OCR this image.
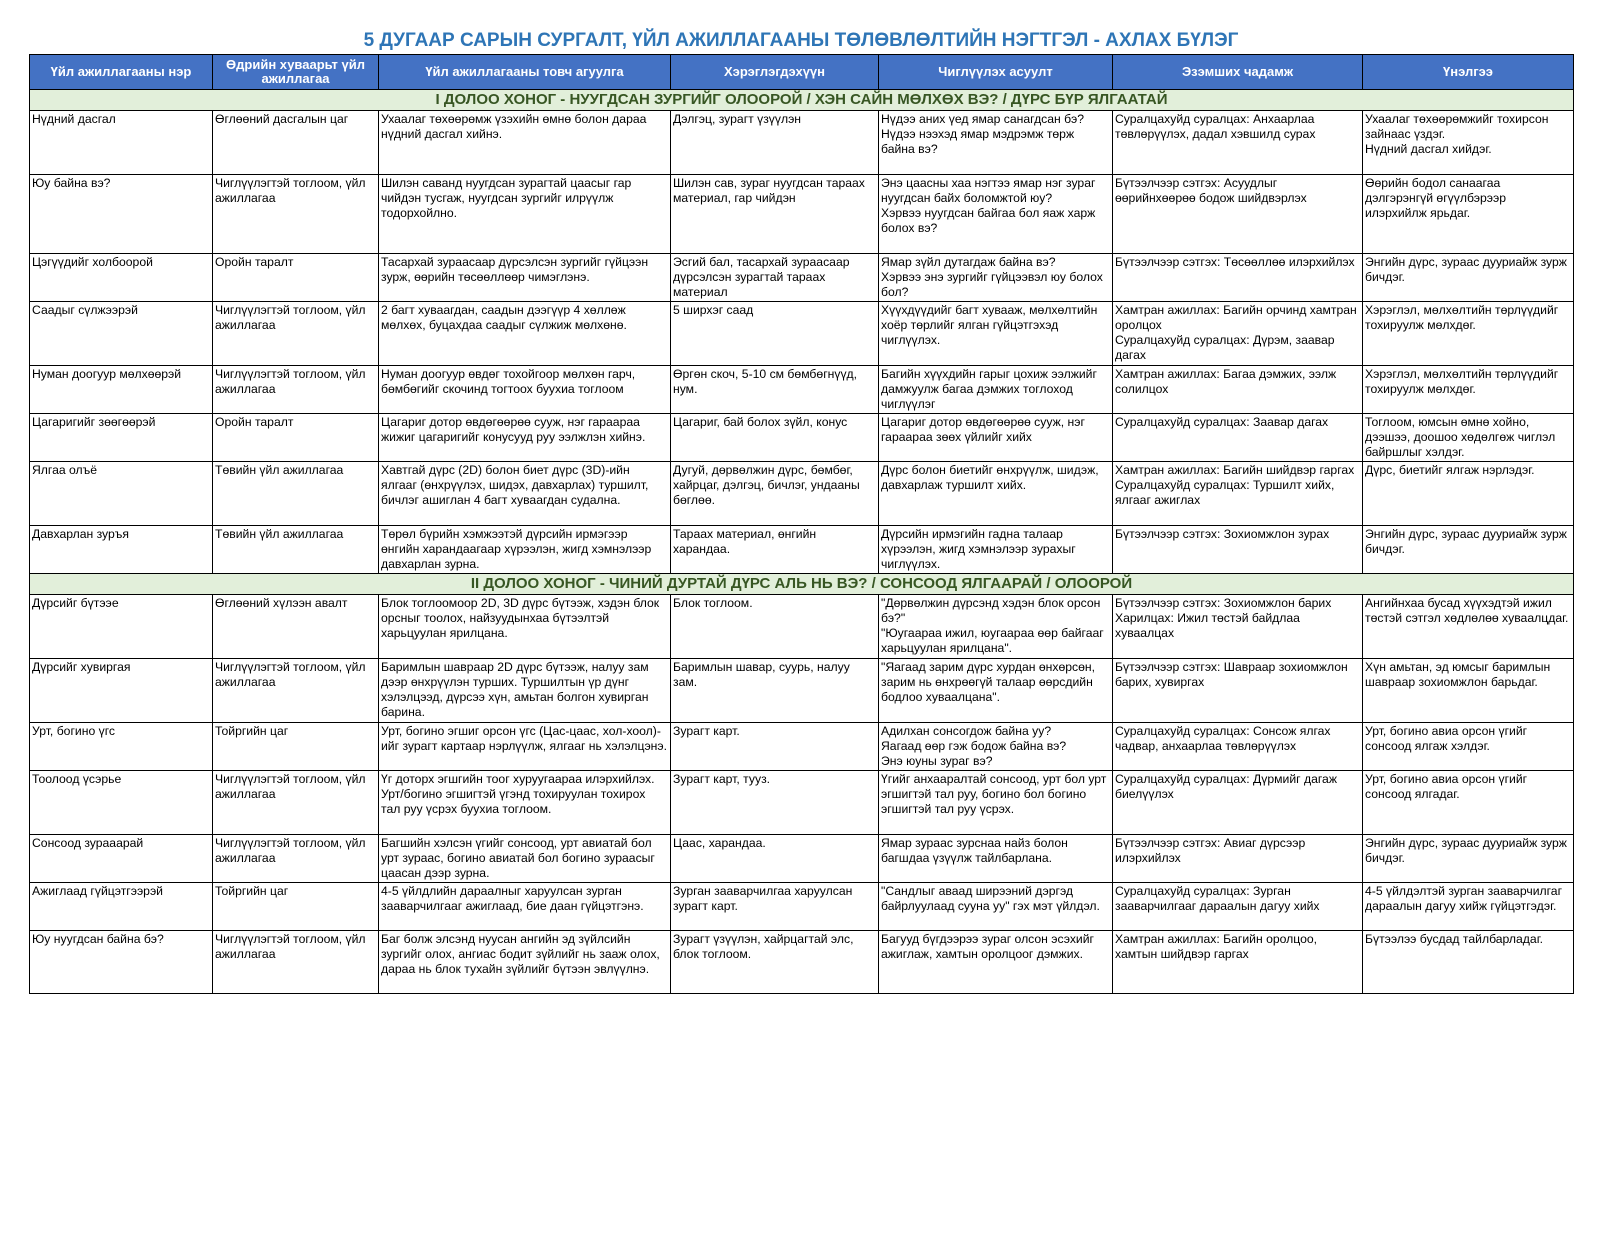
5 ДУГААР САРЫН СУРГАЛТ, ҮЙЛ АЖИЛЛАГААНЫ ТӨЛӨВЛӨЛТИЙН НЭГТГЭЛ - АХЛАХ БҮЛЭГ
Үйл ажиллагааны нэр	Өдрийн хуваарьт үйл ажиллагаа	Үйл ажиллагааны товч агуулга	Хэрэглэгдэхүүн	Чиглүүлэх асуулт	Эзэмших чадамж	Үнэлгээ
I ДОЛОО ХОНОГ - НУУГДСАН ЗУРГИЙГ ОЛООРОЙ / ХЭН САЙН МӨЛХӨХ ВЭ? / ДҮРС БҮР ЯЛГААТАЙ						

Нүдний дасгал	Өглөөний дасгалын цаг	Ухаалаг төхөөрөмж үзэхийн өмнө болон дараа нүдний дасгал хийнэ.	Дэлгэц, зурагт үзүүлэн	Нүдээ аних үед ямар санагдсан бэ?
Нүдээ нээхэд ямар мэдрэмж төрж байна вэ?	Суралцахуйд суралцах: Анхаарлаа төвлөрүүлэх, дадал хэвшилд сурах	Ухаалаг төхөөрөмжийг тохирсон зайнаас үздэг.
Нүдний дасгал хийдэг.

Юу байна вэ?	Чиглүүлэгтэй тоглоом, үйл ажиллагаа	Шилэн саванд нуугдсан зурагтай цаасыг гар чийдэн тусгаж, нуугдсан зургийг илрүүлж тодорхойлно.	Шилэн сав, зураг нуугдсан тараах материал, гар чийдэн	Энэ цаасны хаа нэгтээ ямар нэг зураг нуугдсан байх боломжтой юу?
Хэрвээ нуугдсан байгаа бол яаж харж болох вэ?	Бүтээлчээр сэтгэх: Асуудлыг өөрийнхөөрөө бодож шийдвэрлэх	Өөрийн бодол санаагаа дэлгэрэнгүй өгүүлбэрээр илэрхийлж ярьдаг.

Цэгүүдийг холбоорой	Оройн таралт	Тасархай зураасаар дүрсэлсэн зургийг гүйцээн зурж, өөрийн төсөөллөөр чимэглэнэ.	Эсгий бал, тасархай зураасаар дүрсэлсэн зурагтай тараах материал	Ямар зүйл дутагдаж байна вэ?
Хэрвээ энэ зургийг гүйцээвэл юу болох бол?	Бүтээлчээр сэтгэх: Төсөөллөө илэрхийлэх	Энгийн дүрс, зураас дууриайж зурж бичдэг.

Саадыг сүлжээрэй	Чиглүүлэгтэй тоглоом, үйл ажиллагаа	2 багт хуваагдан, саадын дээгүүр 4 хөллөж мөлхөх, буцахдаа саадыг сүлжиж мөлхөнө.	5 ширхэг саад	Хүүхдүүдийг багт хувааж, мөлхөлтийн хоёр төрлийг ялган гүйцэтгэхэд чиглүүлэх.	Хамтран ажиллах: Багийн орчинд хамтран оролцох
Суралцахуйд суралцах: Дүрэм, заавар дагах	Хэрэглэл, мөлхөлтийн төрлүүдийг тохируулж мөлхдөг.

Нуман доогуур мөлхөөрэй	Чиглүүлэгтэй тоглоом, үйл ажиллагаа	Нуман доогуур өвдөг тохойгоор мөлхөн гарч, бөмбөгийг скочинд тогтоох буухиа тоглоом	Өргөн скоч, 5-10 см бөмбөгнүүд, нум.	Багийн хүүхдийн гарыг цохиж ээлжийг дамжуулж багаа дэмжих тоглоход чиглүүлэг	Хамтран ажиллах: Багаа дэмжих, ээлж солилцох	Хэрэглэл, мөлхөлтийн төрлүүдийг тохируулж мөлхдөг.

Цагаригийг зөөгөөрэй	Оройн таралт	Цагариг дотор өвдөгөөрөө сууж, нэг гараараа жижиг цагаригийг конусууд руу ээлжлэн хийнэ.	Цагариг, бай болох зүйл, конус	Цагариг дотор өвдөгөөрөө сууж, нэг гараараа зөөх үйлийг хийх	Суралцахуйд суралцах: Заавар дагах	Тоглоом, юмсын өмнө хойно, дээшээ, доошоо хөдөлгөж чиглэл байршлыг хэлдэг.

Ялгаа олъё	Төвийн үйл ажиллагаа	Хавтгай дүрс (2D) болон биет дүрс (3D)-ийн ялгааг (өнхрүүлэх, шидэх, давхарлах) туршилт, бичлэг ашиглан 4 багт хуваагдан судална.	Дугуй, дөрвөлжин дүрс, бөмбөг, хайрцаг, дэлгэц, бичлэг, ундааны бөглөө.	Дүрс болон биетийг өнхрүүлж, шидэж, давхарлаж туршилт хийх.	Хамтран ажиллах: Багийн шийдвэр гаргах
Суралцахуйд суралцах: Туршилт хийх, ялгааг ажиглах	Дүрс, биетийг ялгаж нэрлэдэг.

Давхарлан зуръя	Төвийн үйл ажиллагаа	Төрөл бүрийн хэмжээтэй дүрсийн ирмэгээр өнгийн харандаагаар хүрээлэн, жигд хэмнэлээр давхарлан зурна.	Тараах материал, өнгийн харандаа.	Дүрсийн ирмэгийн гадна талаар хүрээлэн, жигд хэмнэлээр зурахыг чиглүүлэх.	Бүтээлчээр сэтгэх: Зохиомжлон зурах	Энгийн дүрс, зураас дууриайж зурж бичдэг.

II ДОЛОО ХОНОГ - ЧИНИЙ ДУРТАЙ ДҮРС АЛЬ НЬ ВЭ? / СОНСООД ЯЛГААРАЙ / ОЛООРОЙ						

Дүрсийг бүтээе	Өглөөний хүлээн авалт	Блок тоглоомоор 2D, 3D дүрс бүтээж, хэдэн блок орсныг тоолох, найзуудынхаа бүтээлтэй харьцуулан ярилцана.	Блок тоглоом.	"Дөрвөлжин дүрсэнд хэдэн блок орсон бэ?"
"Юугаараа ижил, юугаараа өөр байгааг харьцуулан ярилцана".	Бүтээлчээр сэтгэх: Зохиомжлон барих
Харилцах: Ижил төстэй байдлаа хуваалцах	Ангийнхаа бусад хүүхэдтэй ижил төстэй сэтгэл хөдлөлөө хуваалцдаг.

Дүрсийг хувиргая	Чиглүүлэгтэй тоглоом, үйл ажиллагаа	Баримлын шавраар 2D дүрс бүтээж, налуу зам дээр өнхрүүлэн турших. Туршилтын үр дүнг хэлэлцээд, дүрсээ хүн, амьтан болгон хувирган барина.	Баримлын шавар, суурь, налуу зам.	"Яагаад зарим дүрс хурдан өнхөрсөн, зарим нь өнхрөөгүй талаар өөрсдийн бодлоо хуваалцана".	Бүтээлчээр сэтгэх: Шавраар зохиомжлон барих, хувиргах	Хүн амьтан, эд юмсыг баримлын шавраар зохиомжлон барьдаг.

Урт, богино үгс	Тойргийн цаг	Урт, богино эгшиг орсон үгс (Цас-цаас, хол-хоол)-ийг зурагт картаар нэрлүүлж, ялгааг нь хэлэлцэнэ.	Зурагт карт.	Адилхан сонсогдож байна уу?
Яагаад өөр гэж бодож байна вэ?
Энэ юуны зураг вэ?	Суралцахуйд суралцах: Сонсож ялгах чадвар, анхаарлаа төвлөрүүлэх	Урт, богино авиа орсон үгийг сонсоод ялгаж хэлдэг.

Тоолоод үсэрье	Чиглүүлэгтэй тоглоом, үйл ажиллагаа	Үг доторх эгшгийн тоог хуруугаараа илэрхийлэх. Урт/богино эгшигтэй үгэнд тохируулан тохирох тал руу үсрэх буухиа тоглоом.	Зурагт карт, тууз.	Үгийг анхааралтай сонсоод, урт бол урт эгшигтэй тал руу, богино бол богино эгшигтэй тал руу үсрэх.	Суралцахуйд суралцах: Дүрмийг дагаж биелүүлэх	Урт, богино авиа орсон үгийг сонсоод ялгадаг.

Сонсоод зурааарай	Чиглүүлэгтэй тоглоом, үйл ажиллагаа	Багшийн хэлсэн үгийг сонсоод, урт авиатай бол урт зураас, богино авиатай бол богино зураасыг цаасан дээр зурна.	Цаас, харандаа.	Ямар зураас зурснаа найз болон багшдаа үзүүлж тайлбарлана.	Бүтээлчээр сэтгэх: Авиаг дүрсээр илэрхийлэх	Энгийн дүрс, зураас дууриайж зурж бичдэг.

Ажиглаад гүйцэтгээрэй	Тойргийн цаг	4-5 үйлдлийн дараалныг харуулсан зурган зааварчилгааг ажиглаад, бие даан гүйцэтгэнэ.	Зурган зааварчилгаа харуулсан зурагт карт.	"Сандлыг аваад ширээний дэргэд байрлуулаад сууна уу" гэх мэт үйлдэл.	Суралцахуйд суралцах: Зурган зааварчилгааг дараалын дагуу хийх	4-5 үйлдэлтэй зурган зааварчилгаг дараалын дагуу хийж гүйцэтгэдэг.

Юу нуугдсан байна бэ?	Чиглүүлэгтэй тоглоом, үйл ажиллагаа	Баг болж элсэнд нуусан ангийн эд зүйлсийн зургийг олох, ангиас бодит зүйлийг нь зааж олох, дараа нь блок тухайн зүйлийг бүтээн эвлүүлнэ.	Зурагт үзүүлэн, хайрцагтай элс, блок тоглоом.	Багууд бүгдээрээ зураг олсон эсэхийг ажиглаж, хамтын оролцоог дэмжих.	Хамтран ажиллах: Багийн оролцоо, хамтын шийдвэр гаргах	Бүтээлээ бусдад тайлбарладаг.
